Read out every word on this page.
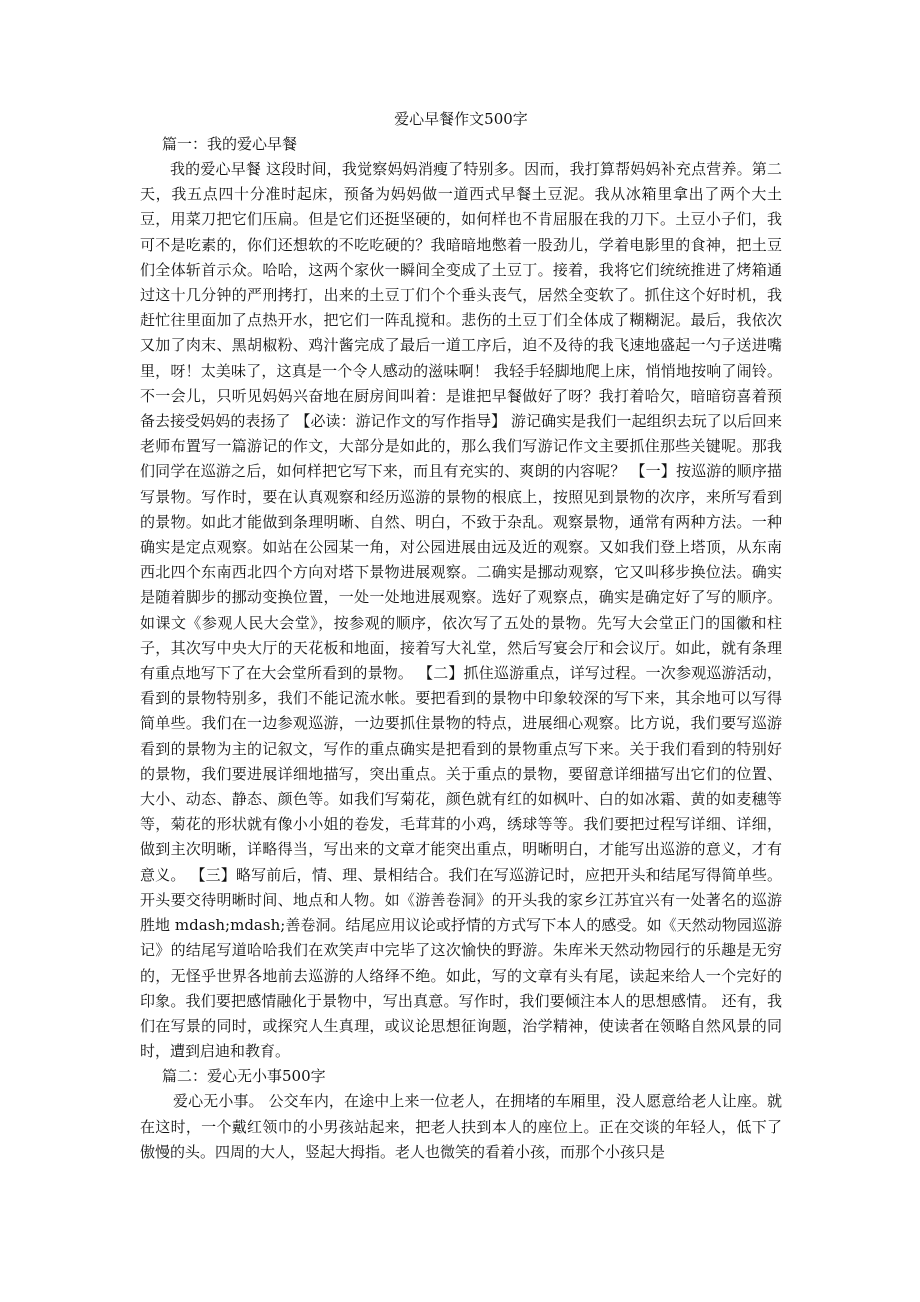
爱心早餐作文500字

篇一：我的爱心早餐

我的爱心早餐 这段时间，我觉察妈妈消瘦了特别多。因而，我打算帮妈妈补充点营养。第二天，我五点四十分准时起床，预备为妈妈做一道西式早餐土豆泥。我从冰箱里拿出了两个大土豆，用菜刀把它们压扁。但是它们还挺坚硬的，如何样也不肯屈服在我的刀下。土豆小子们，我可不是吃素的，你们还想软的不吃吃硬的？我暗暗地憋着一股劲儿，学着电影里的食神，把土豆们全体斩首示众。哈哈，这两个家伙一瞬间全变成了土豆丁。接着，我将它们统统推进了烤箱通过这十几分钟的严刑拷打，出来的土豆丁们个个垂头丧气，居然全变软了。抓住这个好时机，我赶忙往里面加了点热开水，把它们一阵乱搅和。悲伤的土豆丁们全体成了糊糊泥。最后，我依次又加了肉末、黑胡椒粉、鸡汁酱完成了最后一道工序后，迫不及待的我飞速地盛起一勺子送进嘴里，呀！太美味了，这真是一个令人感动的滋味啊！ 我轻手轻脚地爬上床，悄悄地按响了闹铃。不一会儿，只听见妈妈兴奋地在厨房间叫着：是谁把早餐做好了呀？我打着哈欠，暗暗窃喜着预备去接受妈妈的表扬了 【必读：游记作文的写作指导】 游记确实是我们一起组织去玩了以后回来老师布置写一篇游记的作文，大部分是如此的，那么我们写游记作文主要抓住那些关键呢。那我们同学在巡游之后，如何样把它写下来，而且有充实的、爽朗的内容呢？ 【一】按巡游的顺序描写景物。写作时，要在认真观察和经历巡游的景物的根底上，按照见到景物的次序，来所写看到的景物。如此才能做到条理明晰、自然、明白，不致于杂乱。观察景物，通常有两种方法。一种确实是定点观察。如站在公园某一角，对公园进展由远及近的观察。又如我们登上塔顶，从东南西北四个东南西北四个方向对塔下景物进展观察。二确实是挪动观察，它又叫移步换位法。确实是随着脚步的挪动变换位置，一处一处地进展观察。选好了观察点，确实是确定好了写的顺序。如课文《参观人民大会堂》，按参观的顺序，依次写了五处的景物。先写大会堂正门的国徽和柱子，其次写中央大厅的天花板和地面，接着写大礼堂，然后写宴会厅和会议厅。如此，就有条理有重点地写下了在大会堂所看到的景物。 【二】抓住巡游重点，详写过程。一次参观巡游活动，看到的景物特别多，我们不能记流水帐。要把看到的景物中印象较深的写下来，其余地可以写得简单些。我们在一边参观巡游，一边要抓住景物的特点，进展细心观察。比方说，我们要写巡游看到的景物为主的记叙文，写作的重点确实是把看到的景物重点写下来。关于我们看到的特别好的景物，我们要进展详细地描写，突出重点。关于重点的景物，要留意详细描写出它们的位置、大小、动态、静态、颜色等。如我们写菊花，颜色就有红的如枫叶、白的如冰霜、黄的如麦穗等等，菊花的形状就有像小小姐的卷发，毛茸茸的小鸡，绣球等等。我们要把过程写详细、详细，做到主次明晰，详略得当，写出来的文章才能突出重点，明晰明白，才能写出巡游的意义，才有意义。 【三】略写前后，情、理、景相结合。我们在写巡游记时，应把开头和结尾写得简单些。开头要交待明晰时间、地点和人物。如《游善卷洞》的开头我的家乡江苏宜兴有一处著名的巡游胜地 mdash;mdash;善卷洞。结尾应用议论或抒情的方式写下本人的感受。如《天然动物园巡游记》的结尾写道哈哈我们在欢笑声中完毕了这次愉快的野游。朱库米天然动物园行的乐趣是无穷的，无怪乎世界各地前去巡游的人络绎不绝。如此，写的文章有头有尾，读起来给人一个完好的印象。我们要把感情融化于景物中，写出真意。写作时，我们要倾注本人的思想感情。 还有，我们在写景的同时，或探究人生真理，或议论思想征询题，治学精神，使读者在领略自然风景的同时，遭到启迪和教育。

篇二：爱心无小事500字

爱心无小事。 公交车内，在途中上来一位老人，在拥堵的车厢里，没人愿意给老人让座。就在这时，一个戴红领巾的小男孩站起来，把老人扶到本人的座位上。正在交谈的年轻人，低下了傲慢的头。四周的大人，竖起大拇指。老人也微笑的看着小孩，而那个小孩只是
